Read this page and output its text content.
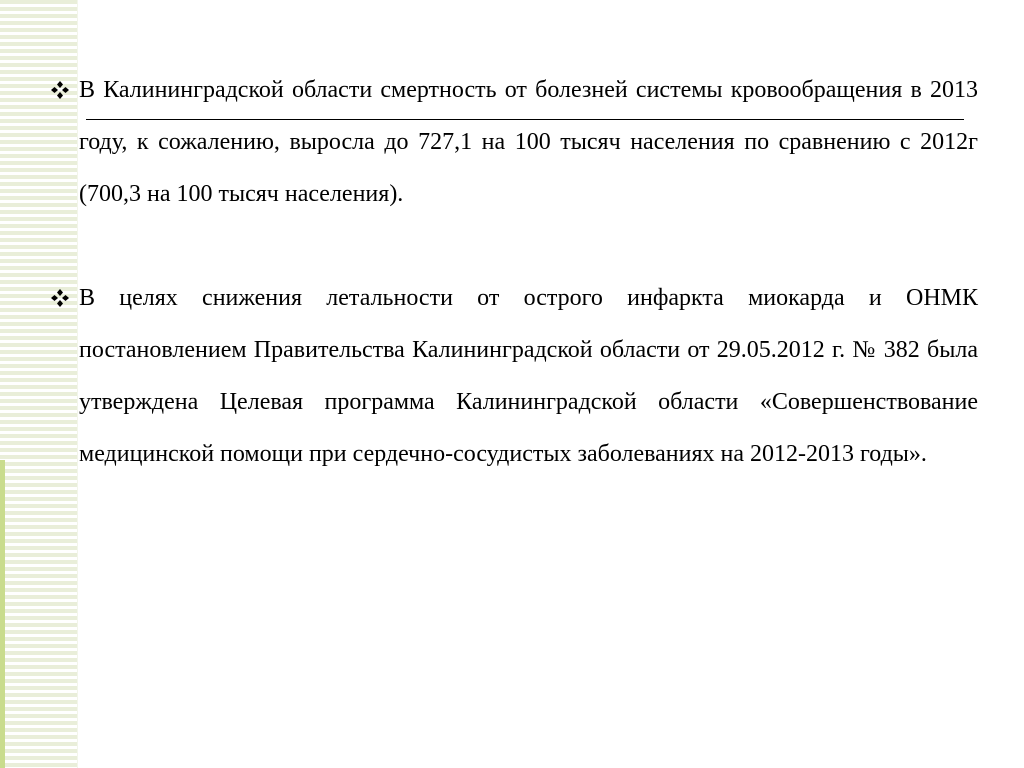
В Калининградской области смертность от болезней системы кровообращения в 2013 году, к сожалению, выросла до 727,1 на 100 тысяч населения по сравнению с 2012г (700,3 на 100 тысяч населения).
В целях снижения летальности от острого инфаркта миокарда и ОНМК постановлением Правительства Калининградской области от 29.05.2012 г. № 382 была утверждена Целевая программа Калининградской области «Совершенствование медицинской помощи при сердечно-сосудистых заболеваниях на 2012-2013 годы».
